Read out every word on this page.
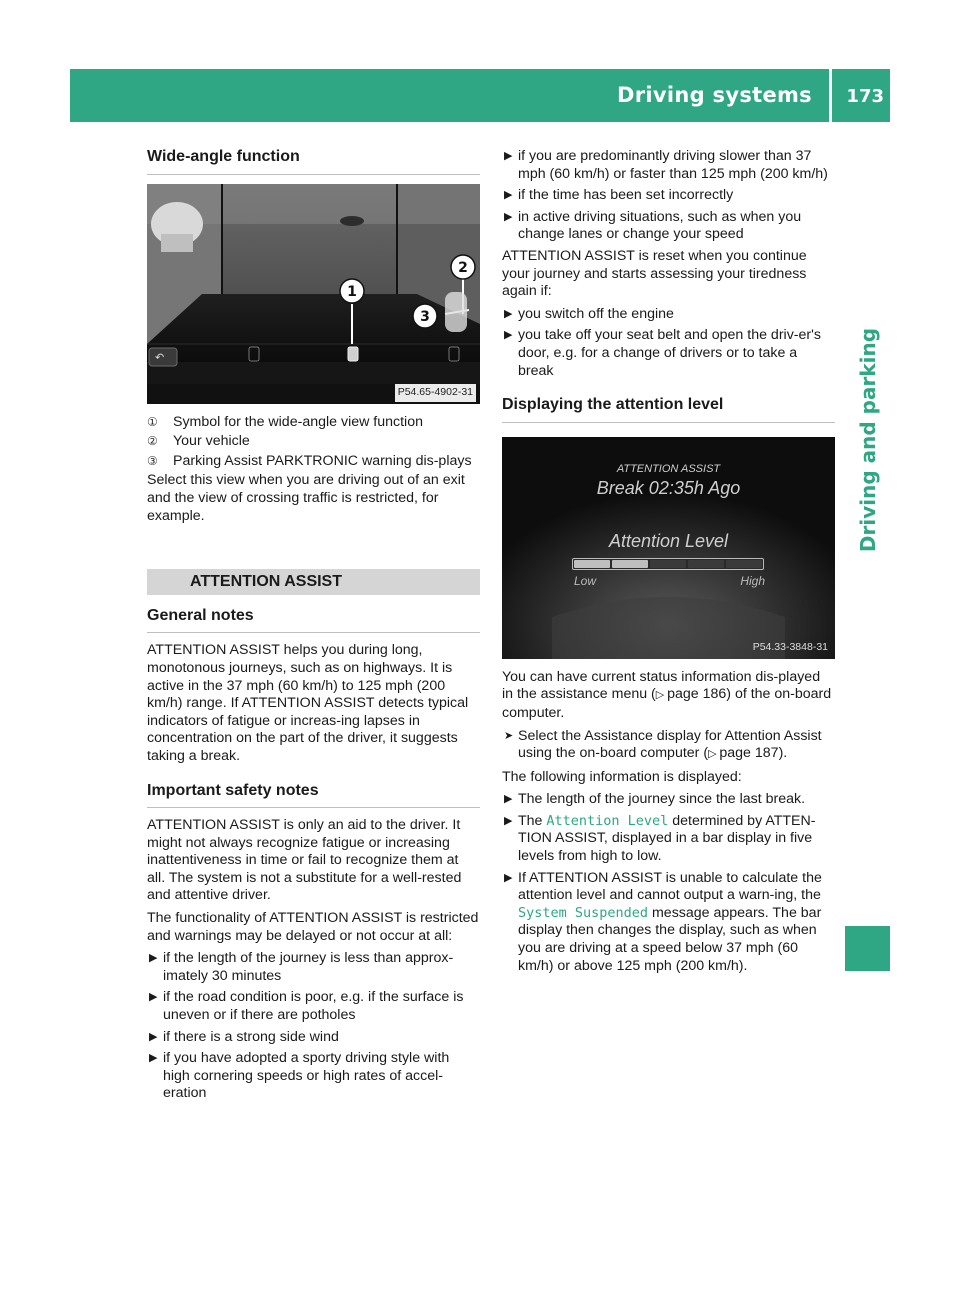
Driving systems 173
Driving and parking
Wide-angle function
↶
1
2
3
P54.65-4902-31
①	Symbol for the wide-angle view function
②	Your vehicle
③	Parking Assist PARKTRONIC warning dis-plays

Select this view when you are driving out of an exit and the view of crossing traffic is restricted, for example.

ATTENTION ASSIST
General notes

ATTENTION ASSIST helps you during long, monotonous journeys, such as on highways. It is active in the 37 mph (60 km/h) to 125 mph (200 km/h) range. If ATTENTION ASSIST detects typical indicators of fatigue or increas-ing lapses in concentration on the part of the driver, it suggests taking a break.

Important safety notes

ATTENTION ASSIST is only an aid to the driver. It might not always recognize fatigue or increasing inattentiveness in time or fail to recognize them at all. The system is not a substitute for a well-rested and attentive driver.

The functionality of ATTENTION ASSIST is restricted and warnings may be delayed or not occur at all:

▶ if the length of the journey is less than approx-imately 30 minutes
▶ if the road condition is poor, e.g. if the surface is uneven or if there are potholes
▶ if there is a strong side wind
▶ if you have adopted a sporty driving style with high cornering speeds or high rates of accel-eration
▶ if you are predominantly driving slower than 37 mph (60 km/h) or faster than 125 mph (200 km/h)
▶ if the time has been set incorrectly
▶ in active driving situations, such as when you change lanes or change your speed

ATTENTION ASSIST is reset when you continue your journey and starts assessing your tiredness again if:

▶ you switch off the engine
▶ you take off your seat belt and open the driv-er's door, e.g. for a change of drivers or to take a break
Displaying the attention level
ATTENTION ASSIST
Break 02:35h Ago
Attention Level
Low	High
P54.33-3848-31

You can have current status information dis-played in the assistance menu (▷  page 186) of the on-board computer.

➤ Select the Assistance display for Attention Assist using the on-board computer (▷  page 187).

The following information is displayed:

▶ The length of the journey since the last break.
▶ The Attention Level determined by ATTEN-TION ASSIST, displayed in a bar display in five levels from high to low.
▶ If ATTENTION ASSIST is unable to calculate the attention level and cannot output a warn-ing, the System Suspended message appears. The bar display then changes the display, such as when you are driving at a speed below 37 mph (60 km/h) or above 125 mph (200 km/h).
